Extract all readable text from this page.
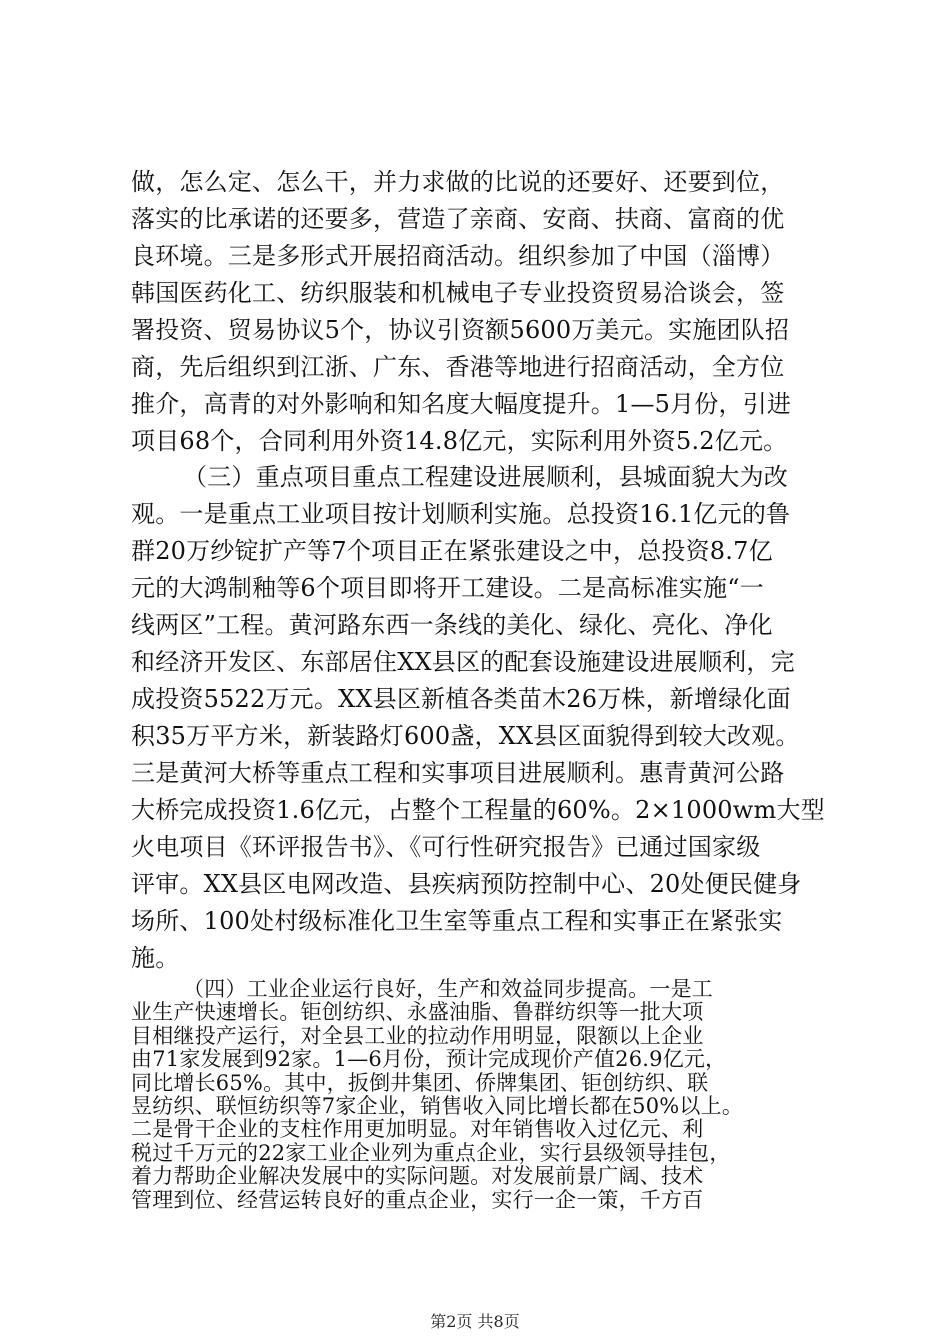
做，怎么定、怎么干，并力求做的比说的还要好、还要到位，
落实的比承诺的还要多，营造了亲商、安商、扶商、富商的优
良环境。三是多形式开展招商活动。组织参加了中国（淄博）
韩国医药化工、纺织服装和机械电子专业投资贸易洽谈会，签
署投资、贸易协议5个，协议引资额5600万美元。实施团队招
商，先后组织到江浙、广东、香港等地进行招商活动，全方位
推介，高青的对外影响和知名度大幅度提升。1—5月份，引进
项目68个，合同利用外资14.8亿元，实际利用外资5.2亿元。
（三）重点项目重点工程建设进展顺利，县城面貌大为改
观。一是重点工业项目按计划顺利实施。总投资16.1亿元的鲁
群20万纱锭扩产等7个项目正在紧张建设之中，总投资8.7亿
元的大鸿制釉等6个项目即将开工建设。二是高标准实施“一
线两区”工程。黄河路东西一条线的美化、绿化、亮化、净化
和经济开发区、东部居住XX县区的配套设施建设进展顺利，完
成投资5522万元。XX县区新植各类苗木26万株，新增绿化面
积35万平方米，新装路灯600盏，XX县区面貌得到较大改观。
三是黄河大桥等重点工程和实事项目进展顺利。惠青黄河公路
大桥完成投资1.6亿元，占整个工程量的60%。2×1000wm大型
火电项目《环评报告书》、《可行性研究报告》已通过国家级
评审。XX县区电网改造、县疾病预防控制中心、20处便民健身
场所、100处村级标准化卫生室等重点工程和实事正在紧张实
施。
（四）工业企业运行良好，生产和效益同步提高。一是工
业生产快速增长。钜创纺织、永盛油脂、鲁群纺织等一批大项
目相继投产运行，对全县工业的拉动作用明显，限额以上企业
由71家发展到92家。1—6月份，预计完成现价产值26.9亿元，
同比增长65%。其中，扳倒井集团、侨牌集团、钜创纺织、联
昱纺织、联恒纺织等7家企业，销售收入同比增长都在50%以上。
二是骨干企业的支柱作用更加明显。对年销售收入过亿元、利
税过千万元的22家工业企业列为重点企业，实行县级领导挂包，
着力帮助企业解决发展中的实际问题。对发展前景广阔、技术
管理到位、经营运转良好的重点企业，实行一企一策，千方百
第2页 共8页
